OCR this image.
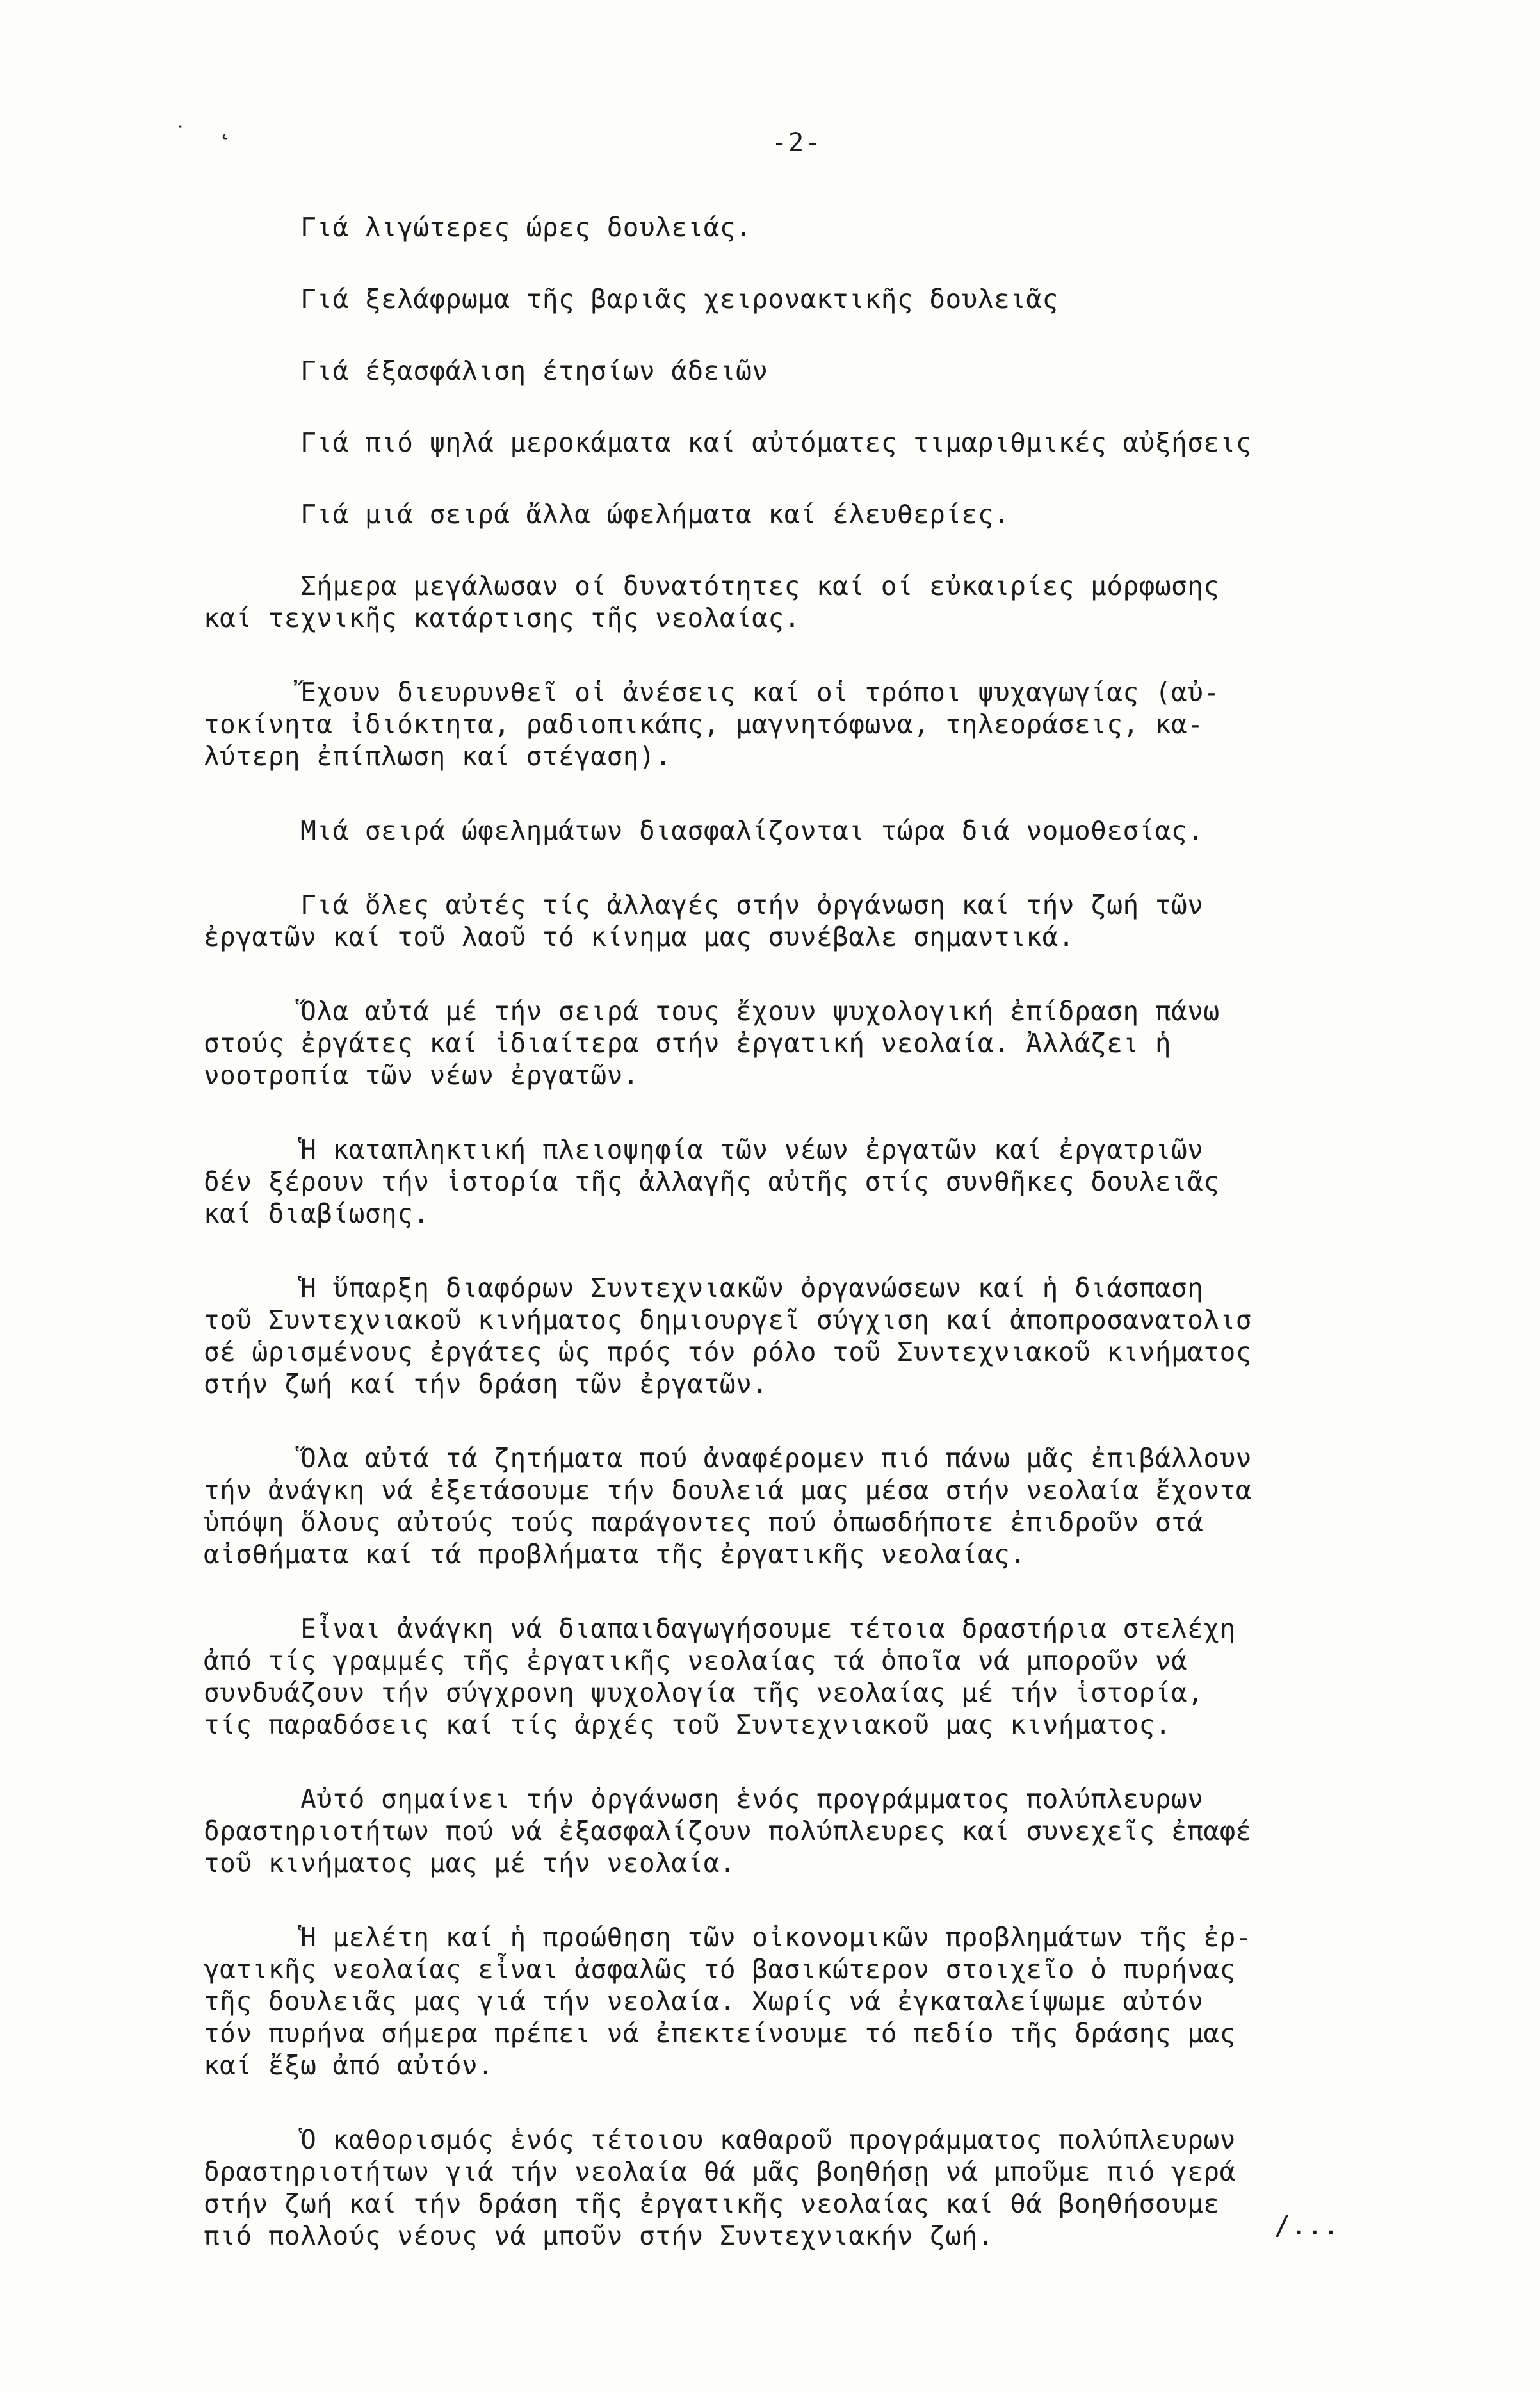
˙ ˛
-2-
Γιά λιγώτερες ώρες δουλειάς.
Γιά ξελάφρωμα τῆς βαριᾶς χειρονακτικῆς δουλειᾶς
Γιά έξασφάλιση έτησίων άδειῶν
Γιά πιό ψηλά μεροκάματα καί αὐτόματες τιμαριθμικές αὐξήσεις
Γιά μιά σειρά ἄλλα ώφελήματα καί έλευθερίες.
Σήμερα μεγάλωσαν οί δυνατότητες καί οί εὐκαιρίες μόρφωσης
καί τεχνικῆς κατάρτισης τῆς νεολαίας.
Ἔχουν διευρυνθεῖ οἱ ἀνέσεις καί οἱ τρόποι ψυχαγωγίας (αὐ-
τοκίνητα ἰδιόκτητα, ραδιοπικάπς, μαγνητόφωνα, τηλεοράσεις, κα-
λύτερη ἐπίπλωση καί στέγαση).
Μιά σειρά ώφελημάτων διασφαλίζονται τώρα διά νομοθεσίας.
Γιά ὅλες αὐτές τίς ἀλλαγές στήν ὀργάνωση καί τήν ζωή τῶν
ἐργατῶν καί τοῦ λαοῦ τό κίνημα μας συνέβαλε σημαντικά.
Ὅλα αὐτά μέ τήν σειρά τους ἔχουν ψυχολογική ἐπίδραση πάνω
στούς ἐργάτες καί ἰδιαίτερα στήν ἐργατική νεολαία. Ἀλλάζει ἡ
νοοτροπία τῶν νέων ἐργατῶν.
Ἡ καταπληκτική πλειοψηφία τῶν νέων ἐργατῶν καί ἐργατριῶν
δέν ξέρουν τήν ἱστορία τῆς ἀλλαγῆς αὐτῆς στίς συνθῆκες δουλειᾶς
καί διαβίωσης.
Ἡ ὕπαρξη διαφόρων Συντεχνιακῶν ὀργανώσεων καί ἡ διάσπαση
τοῦ Συντεχνιακοῦ κινήματος δημιουργεῖ σύγχιση καί ἀποπροσανατολισ
σέ ὡρισμένους ἐργάτες ὡς πρός τόν ρόλο τοῦ Συντεχνιακοῦ κινήματος
στήν ζωή καί τήν δράση τῶν ἐργατῶν.
Ὅλα αὐτά τά ζητήματα πού ἀναφέρομεν πιό πάνω μᾶς ἐπιβάλλουν
τήν ἀνάγκη νά ἐξετάσουμε τήν δουλειά μας μέσα στήν νεολαία ἔχοντα
ὑπόψη ὅλους αὐτούς τούς παράγοντες πού ὀπωσδήποτε ἐπιδροῦν στά
αἰσθήματα καί τά προβλήματα τῆς ἐργατικῆς νεολαίας.
Εἶναι ἀνάγκη νά διαπαιδαγωγήσουμε τέτοια δραστήρια στελέχη
ἀπό τίς γραμμές τῆς ἐργατικῆς νεολαίας τά ὁποῖα νά μποροῦν νά
συνδυάζουν τήν σύγχρονη ψυχολογία τῆς νεολαίας μέ τήν ἱστορία,
τίς παραδόσεις καί τίς ἀρχές τοῦ Συντεχνιακοῦ μας κινήματος.
Αὐτό σημαίνει τήν ὀργάνωση ἑνός προγράμματος πολύπλευρων
δραστηριοτήτων πού νά ἐξασφαλίζουν πολύπλευρες καί συνεχεῖς ἐπαφέ
τοῦ κινήματος μας μέ τήν νεολαία.
Ἡ μελέτη καί ἡ προώθηση τῶν οἰκονομικῶν προβλημάτων τῆς ἐρ-
γατικῆς νεολαίας εἶναι ἀσφαλῶς τό βασικώτερον στοιχεῖο ὁ πυρήνας
τῆς δουλειᾶς μας γιά τήν νεολαία. Χωρίς νά ἐγκαταλείψωμε αὐτόν
τόν πυρήνα σήμερα πρέπει νά ἐπεκτείνουμε τό πεδίο τῆς δράσης μας
καί ἔξω ἀπό αὐτόν.
Ὁ καθορισμός ἑνός τέτοιου καθαροῦ προγράμματος πολύπλευρων
δραστηριοτήτων γιά τήν νεολαία θά μᾶς βοηθήσῃ νά μποῦμε πιό γερά
στήν ζωή καί τήν δράση τῆς ἐργατικῆς νεολαίας καί θά βοηθήσουμε
πιό πολλούς νέους νά μποῦν στήν Συντεχνιακήν ζωή.	/...
